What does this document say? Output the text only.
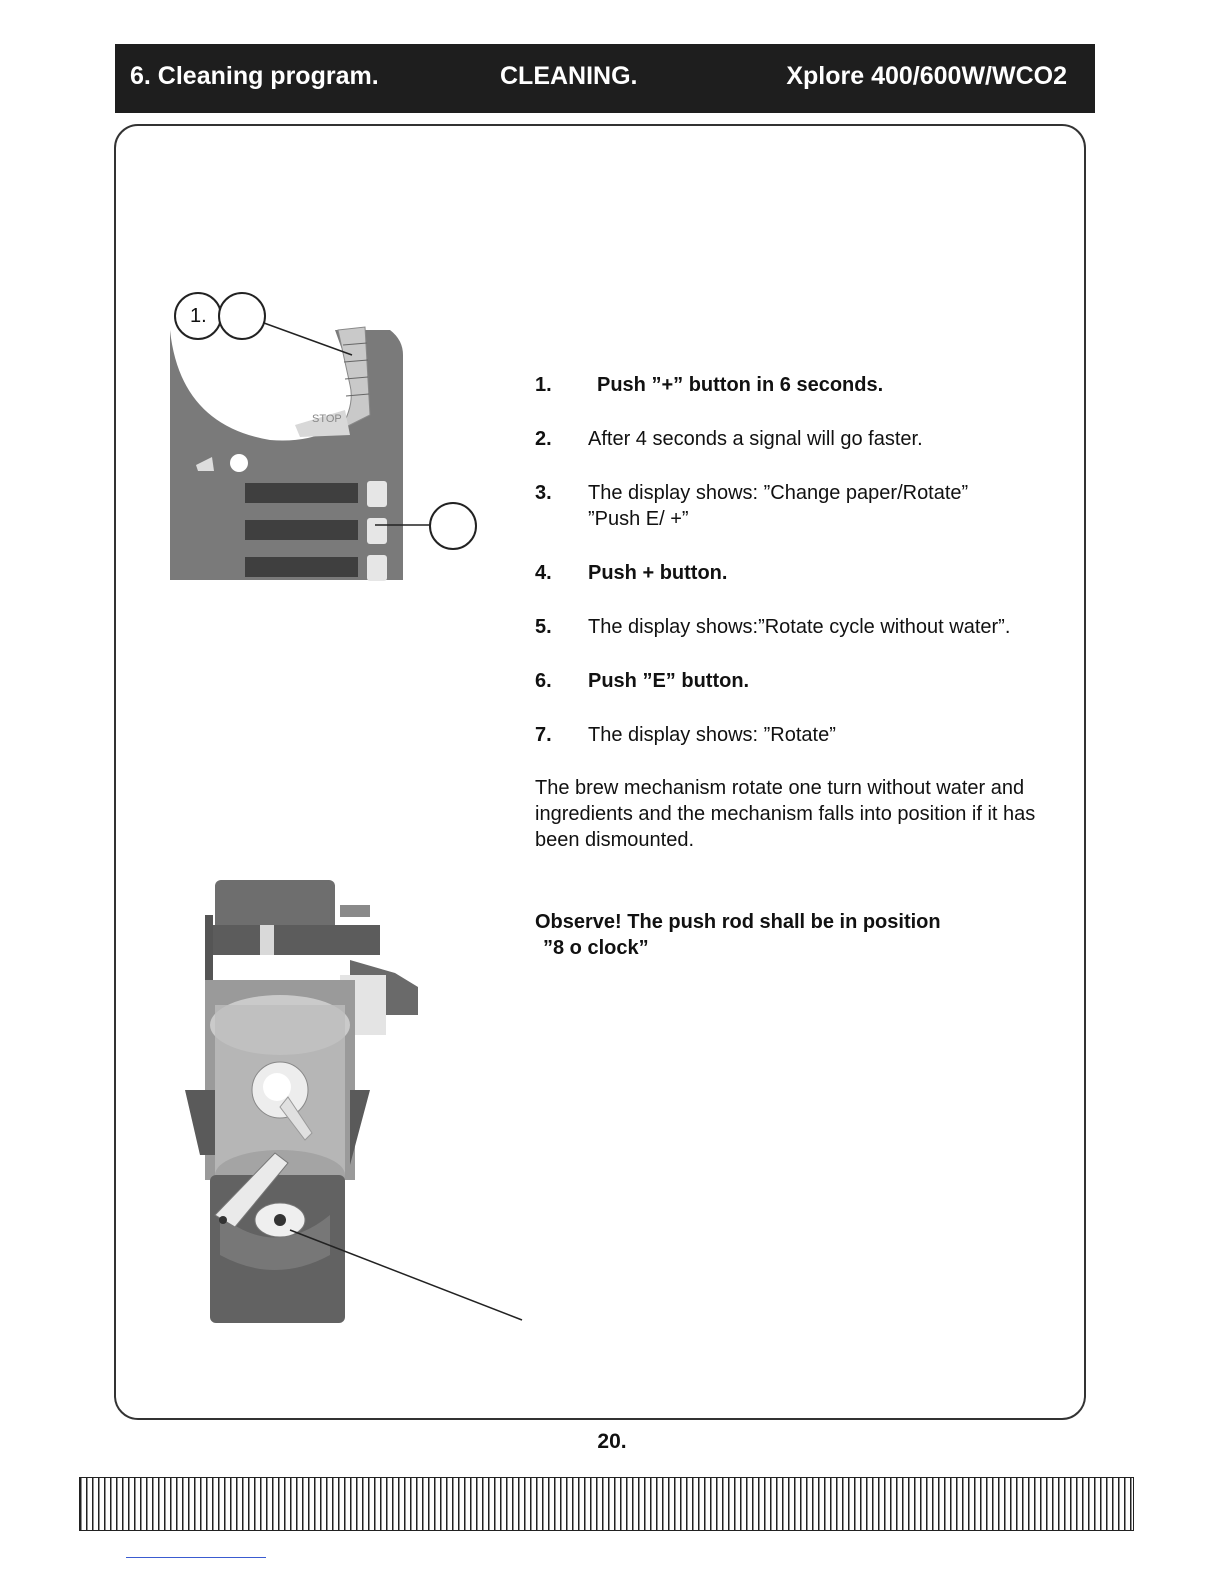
6. Cleaning program.	CLEANING.	Xplore 400/600W/WCO2
STOP
1.
1. Push ”+” button in 6 seconds.
2. After 4 seconds a signal will go faster.
3. The display shows: ”Change paper/Rotate”
”Push E/ +”
4. Push + button.
5. The display shows:”Rotate cycle without water”.
6. Push ”E” button.
7. The display shows: ”Rotate”
The brew mechanism rotate one turn without water and ingredients and the mechanism falls into position if it has been dismounted.
Observe! The push rod shall be in position
”8 o clock”
20.
